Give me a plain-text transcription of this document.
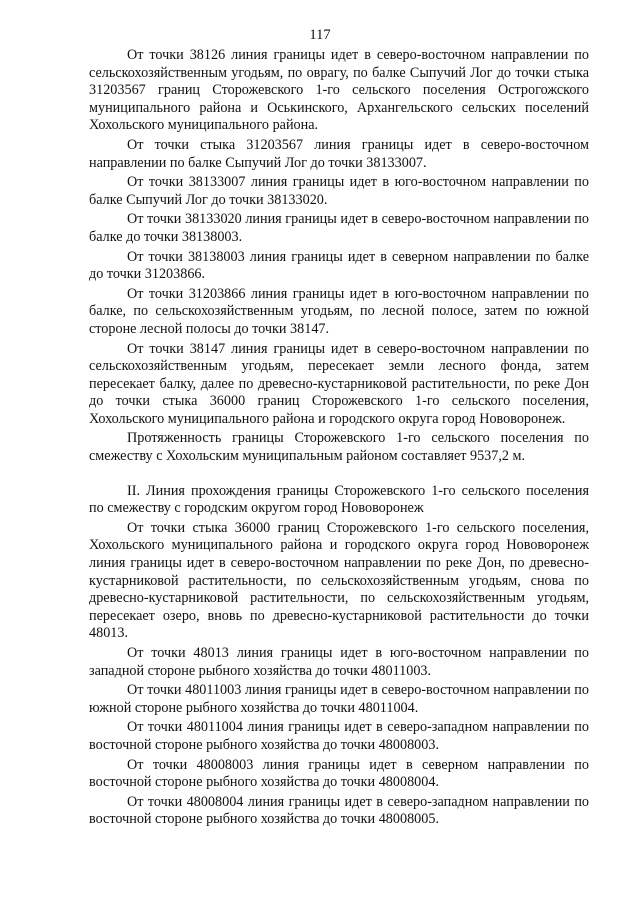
117

От точки 38126 линия границы идет в северо-восточном направлении по сельскохозяйственным угодьям, по оврагу, по балке Сыпучий Лог до точки стыка 31203567 границ Сторожевского 1-го сельского поселения Острогожского муниципального района и Оськинского, Архангельского сельских поселений Хохольского муниципального района.

От точки стыка 31203567 линия границы идет в северо-восточном направлении по балке Сыпучий Лог до точки 38133007.

От точки 38133007 линия границы идет в юго-восточном направлении по балке Сыпучий Лог до точки 38133020.

От точки 38133020 линия границы идет в северо-восточном направлении по балке до точки 38138003.

От точки 38138003 линия границы идет в северном направлении по балке до точки 31203866.

От точки 31203866 линия границы идет в юго-восточном направлении по балке, по сельскохозяйственным угодьям, по лесной полосе, затем по южной стороне лесной полосы до точки 38147.

От точки 38147 линия границы идет в северо-восточном направлении по сельскохозяйственным угодьям, пересекает земли лесного фонда, затем пересекает балку, далее по древесно-кустарниковой растительности, по реке Дон до точки стыка 36000 границ Сторожевского 1-го сельского поселения, Хохольского муниципального района и городского округа город Нововоронеж.

Протяженность границы Сторожевского 1-го сельского поселения по смежеству с Хохольским муниципальным районом составляет 9537,2 м.

II. Линия прохождения границы Сторожевского 1-го сельского поселения по смежеству с городским округом город Нововоронеж

От точки стыка 36000 границ Сторожевского 1-го сельского поселения, Хохольского муниципального района и городского округа город Нововоронеж линия границы идет в северо-восточном направлении по реке Дон, по древесно-кустарниковой растительности, по сельскохозяйственным угодьям, снова по древесно-кустарниковой растительности, по сельскохозяйственным угодьям, пересекает озеро, вновь по древесно-кустарниковой растительности до точки 48013.

От точки 48013 линия границы идет в юго-восточном направлении по западной стороне рыбного хозяйства до точки 48011003.

От точки 48011003 линия границы идет в северо-восточном направлении по южной стороне рыбного хозяйства до точки 48011004.

От точки 48011004 линия границы идет в северо-западном направлении по восточной стороне рыбного хозяйства до точки 48008003.

От точки 48008003 линия границы идет в северном направлении по восточной стороне рыбного хозяйства до точки 48008004.

От точки 48008004 линия границы идет в северо-западном направлении по восточной стороне рыбного хозяйства до точки 48008005.
